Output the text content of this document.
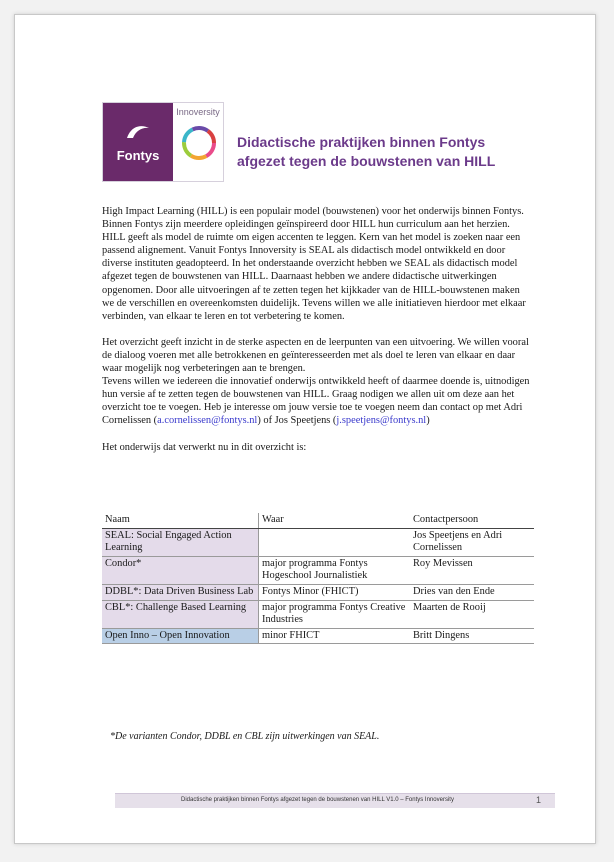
Fontys
Innoversity
Didactische praktijken binnen Fontys
afgezet tegen de bouwstenen van HILL

High Impact Learning (HILL) is een populair model (bouwstenen) voor het onderwijs binnen Fontys. Binnen Fontys zijn meerdere opleidingen geïnspireerd door HILL hun curriculum aan het herzien. HILL geeft als model de ruimte om eigen accenten te leggen. Kern van het model is zoeken naar een passend alignement. Vanuit Fontys Innoversity is SEAL als didactisch model ontwikkeld en door diverse instituten geadopteerd. In het onderstaande overzicht hebben we SEAL als didactisch model afgezet tegen de bouwstenen van HILL. Daarnaast hebben we andere didactische uitwerkingen opgenomen. Door alle uitvoeringen af te zetten tegen het kijkkader van de HILL-bouwstenen maken we de verschillen en overeenkomsten duidelijk. Tevens willen we alle initiatieven hierdoor met elkaar verbinden, van elkaar te leren en tot verbetering te komen.

Het overzicht geeft inzicht in de sterke aspecten en de leerpunten van een uitvoering. We willen vooral de dialoog voeren met alle betrokkenen en geïnteresseerden met als doel te leren van elkaar en daar waar mogelijk nog verbeteringen aan te brengen.
Tevens willen we iedereen die innovatief onderwijs ontwikkeld heeft of daarmee doende is, uitnodigen hun versie af te zetten tegen de bouwstenen van HILL. Graag nodigen we allen uit om deze aan het overzicht toe te voegen. Heb je interesse om jouw versie toe te voegen neem dan contact op met Adri Cornelissen (a.cornelissen@fontys.nl) of Jos Speetjens (j.speetjens@fontys.nl)

Het onderwijs dat verwerkt nu in dit overzicht is:

Naam	Waar	Contactpersoon
SEAL: Social Engaged Action Learning		Jos Speetjens en Adri Cornelissen
Condor*	major programma Fontys Hogeschool Journalistiek	Roy Mevissen
DDBL*: Data Driven Business Lab	Fontys Minor (FHICT)	Dries van den Ende
CBL*: Challenge Based Learning	major programma Fontys Creative Industries	Maarten de Rooij
Open Inno – Open Innovation	minor FHICT	Britt Dingens
*De varianten Condor, DDBL en CBL zijn uitwerkingen van SEAL.
Didactische praktijken binnen Fontys afgezet tegen de bouwstenen van HILL V1.0 – Fontys Innoversity	1
